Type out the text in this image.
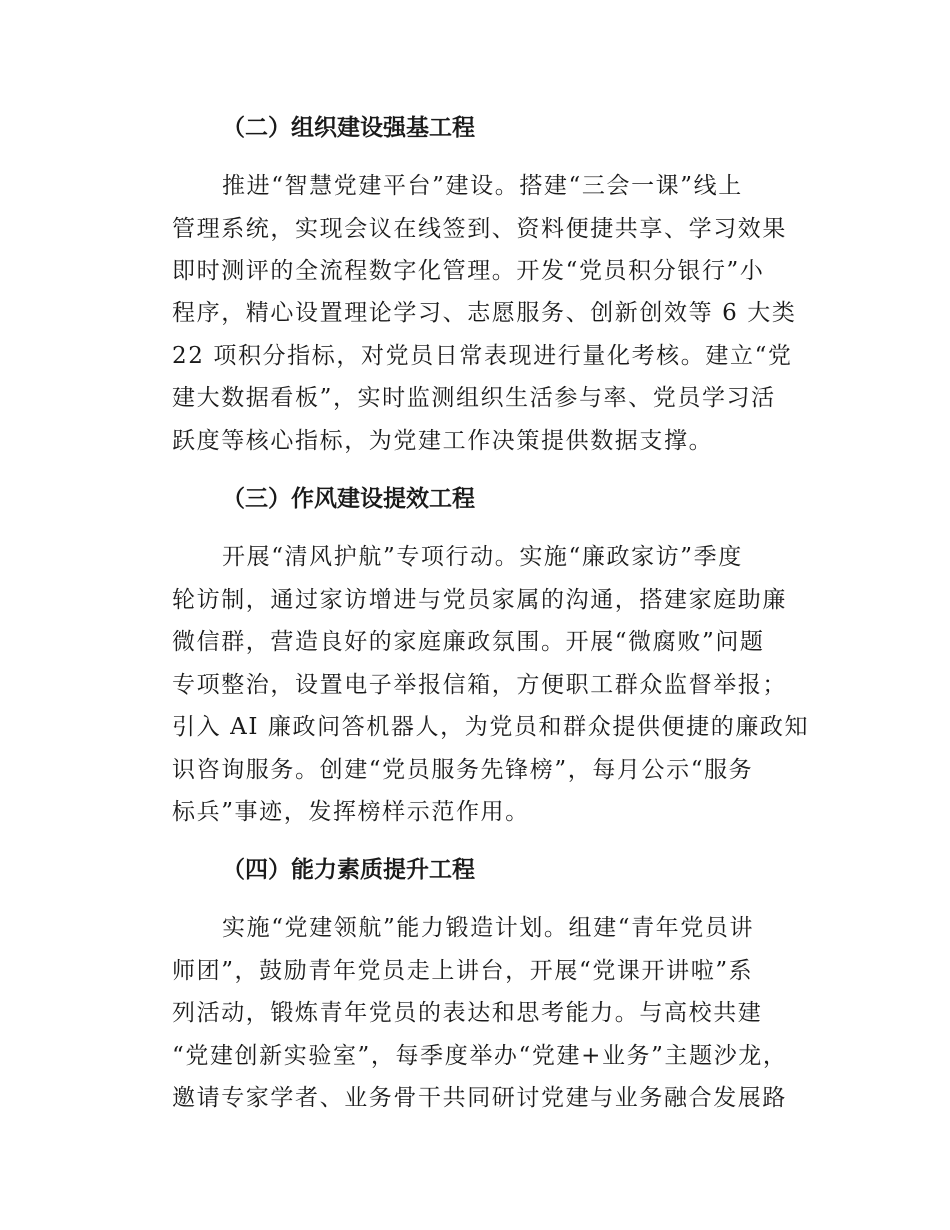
（二）组织建设强基工程

推进“智慧党建平台”建设。搭建“三会一课”线上

管理系统，实现会议在线签到、资料便捷共享、学习效果

即时测评的全流程数字化管理。开发“党员积分银行”小

程序，精心设置理论学习、志愿服务、创新创效等 6 大类

22 项积分指标，对党员日常表现进行量化考核。建立“党

建大数据看板”，实时监测组织生活参与率、党员学习活

跃度等核心指标，为党建工作决策提供数据支撑。

（三）作风建设提效工程

开展“清风护航”专项行动。实施“廉政家访”季度

轮访制，通过家访增进与党员家属的沟通，搭建家庭助廉

微信群，营造良好的家庭廉政氛围。开展“微腐败”问题

专项整治，设置电子举报信箱，方便职工群众监督举报；

引入 AI 廉政问答机器人，为党员和群众提供便捷的廉政知

识咨询服务。创建“党员服务先锋榜”，每月公示“服务

标兵”事迹，发挥榜样示范作用。

（四）能力素质提升工程

实施“党建领航”能力锻造计划。组建“青年党员讲

师团”，鼓励青年党员走上讲台，开展“党课开讲啦”系

列活动，锻炼青年党员的表达和思考能力。与高校共建

“党建创新实验室”，每季度举办“党建+业务”主题沙龙，

邀请专家学者、业务骨干共同研讨党建与业务融合发展路
